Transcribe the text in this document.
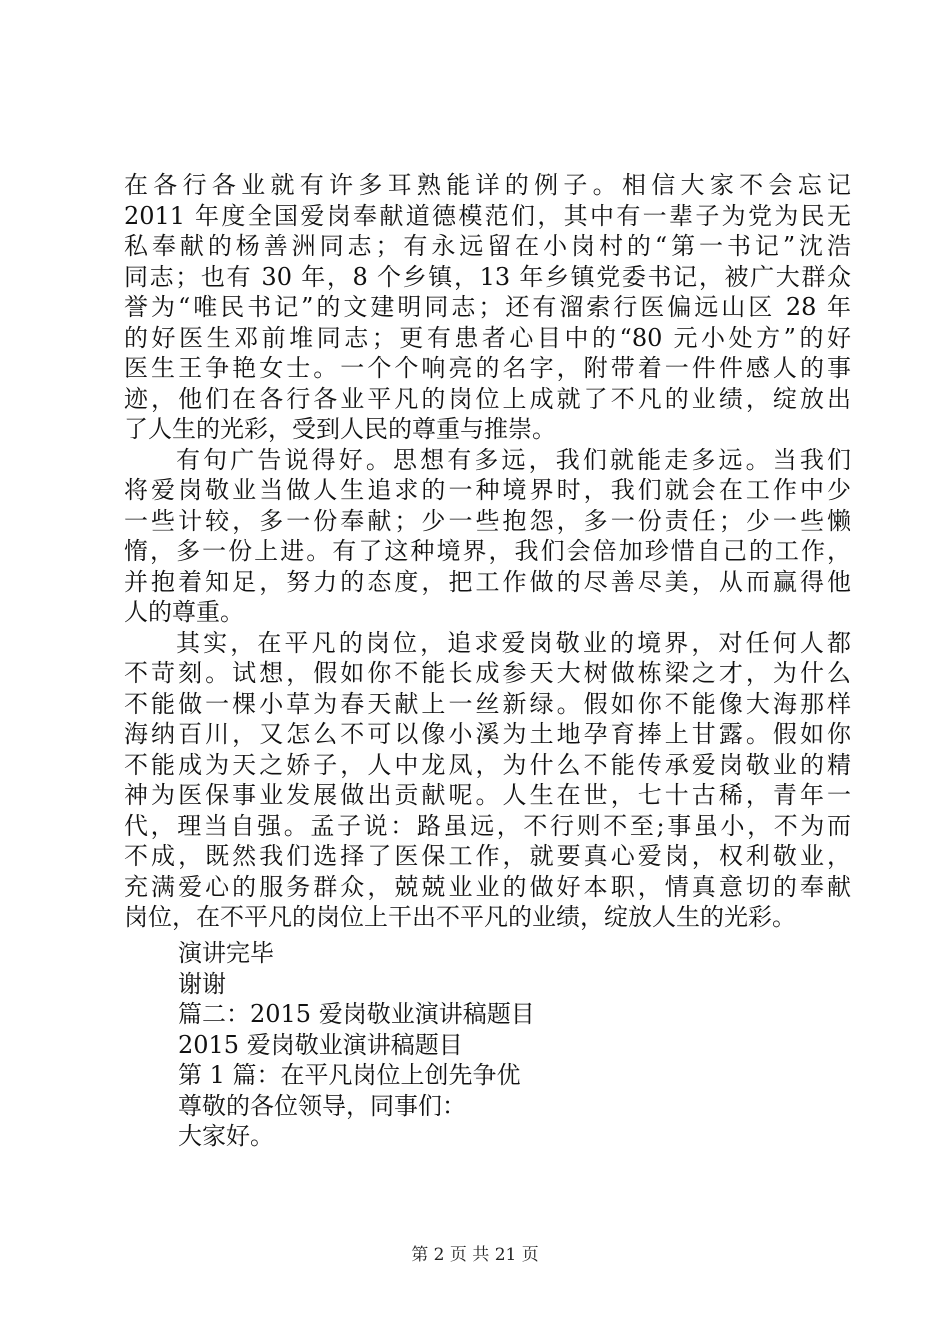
在各行各业就有许多耳熟能详的例子。相信大家不会忘记
2011 年度全国爱岗奉献道德模范们，其中有一辈子为党为民无
私奉献的杨善洲同志；有永远留在小岗村的“第一书记”沈浩
同志；也有 30 年，8 个乡镇，13 年乡镇党委书记，被广大群众
誉为“唯民书记”的文建明同志；还有溜索行医偏远山区 28 年
的好医生邓前堆同志；更有患者心目中的“80 元小处方”的好
医生王争艳女士。一个个响亮的名字，附带着一件件感人的事
迹，他们在各行各业平凡的岗位上成就了不凡的业绩，绽放出
了人生的光彩，受到人民的尊重与推崇。
有句广告说得好。思想有多远，我们就能走多远。当我们
将爱岗敬业当做人生追求的一种境界时，我们就会在工作中少
一些计较，多一份奉献；少一些抱怨，多一份责任；少一些懒
惰，多一份上进。有了这种境界，我们会倍加珍惜自己的工作，
并抱着知足，努力的态度，把工作做的尽善尽美，从而赢得他
人的尊重。
其实，在平凡的岗位，追求爱岗敬业的境界，对任何人都
不苛刻。试想，假如你不能长成参天大树做栋梁之才，为什么
不能做一棵小草为春天献上一丝新绿。假如你不能像大海那样
海纳百川，又怎么不可以像小溪为土地孕育捧上甘露。假如你
不能成为天之娇子，人中龙凤，为什么不能传承爱岗敬业的精
神为医保事业发展做出贡献呢。人生在世，七十古稀，青年一
代，理当自强。孟子说：路虽远，不行则不至;事虽小，不为而
不成，既然我们选择了医保工作，就要真心爱岗，权利敬业，
充满爱心的服务群众，兢兢业业的做好本职，情真意切的奉献
岗位，在不平凡的岗位上干出不平凡的业绩，绽放人生的光彩。
演讲完毕
谢谢
篇二：2015 爱岗敬业演讲稿题目
2015 爱岗敬业演讲稿题目
第 1 篇：在平凡岗位上创先争优
尊敬的各位领导，同事们：
大家好。
第 2 页 共 21 页
